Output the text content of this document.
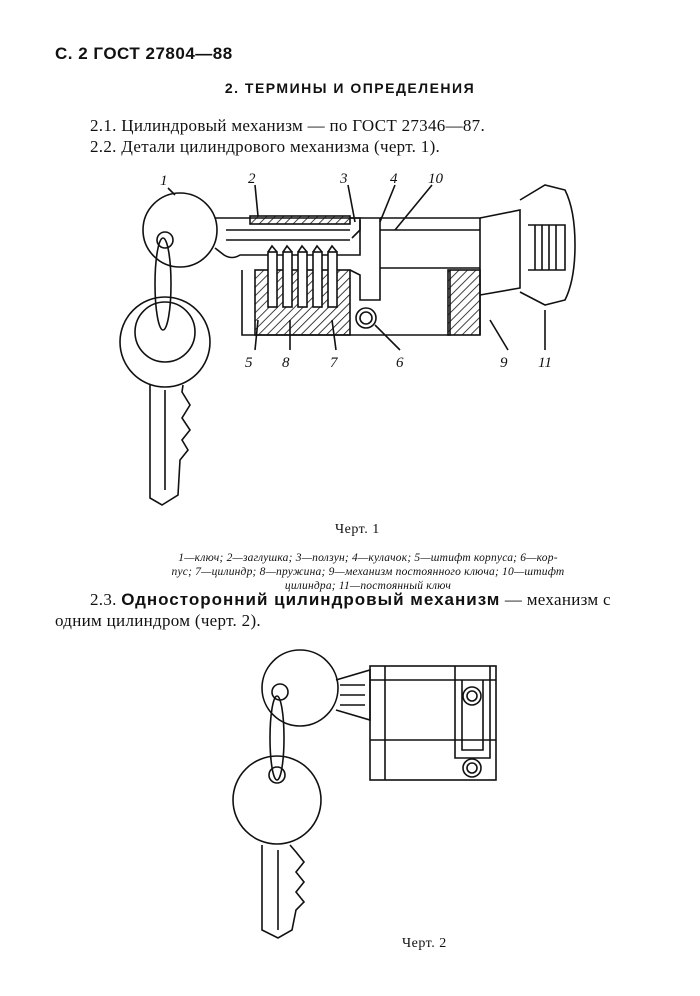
С. 2 ГОСТ 27804—88
2. ТЕРМИНЫ И ОПРЕДЕЛЕНИЯ
2.1. Цилиндровый механизм — по ГОСТ 27346—87.
2.2. Детали цилиндрового механизма (черт. 1).
1	2	3	4 10
5 8	7	6	9 11
Черт. 1
1—ключ; 2—заглушка; 3—ползун; 4—кулачок; 5—штифт корпуса; 6—кор-
пус; 7—цилиндр; 8—пружина; 9—механизм постоянного ключа; 10—штифт
цилиндра; 11—постоянный ключ
2.3. Односторонний цилиндровый механизм — механизм с
одним цилиндром (черт. 2).
Черт. 2
